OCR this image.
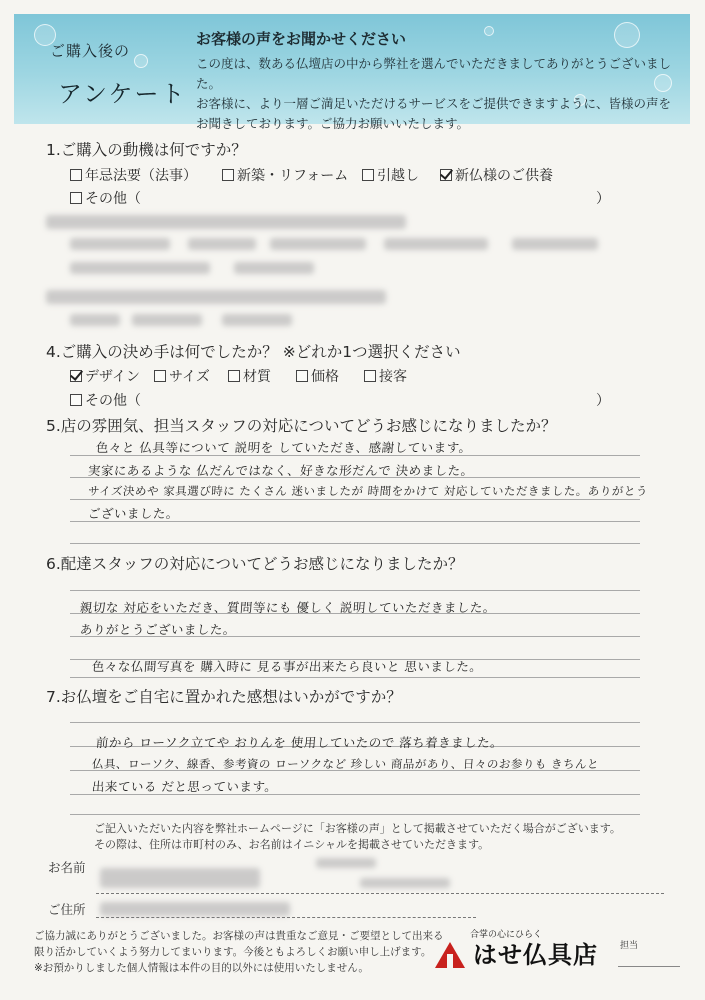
ご購入後の
アンケート
お客様の声をお聞かせください
この度は、数ある仏壇店の中から弊社を選んでいただきましてありがとうございました。
お客様に、より一層ご満足いただけるサービスをご提供できますように、皆様の声を
お聞きしております。ご協力お願いいたします。
1.ご購入の動機は何ですか？
年忌法要（法事）	新築・リフォーム 引越し	新仏様のご供養
その他（	）
4.ご購入の決め手は何でしたか？ ※どれか1つ選択ください
デザイン サイズ 材質	価格	接客
その他（	）
5.店の雰囲気、担当スタッフの対応についてどうお感じになりましたか？
色々と 仏具等について 説明を していただき、感謝しています。
実家にあるような 仏だんではなく、好きな形だんで 決めました。
サイズ決めや 家具選び時に たくさん 迷いましたが 時間をかけて 対応していただきました。ありがとう
ございました。
6.配達スタッフの対応についてどうお感じになりましたか？
親切な 対応をいただき、質問等にも 優しく 説明していただきました。
ありがとうございました。
色々な仏間写真を 購入時に 見る事が出来たら良いと 思いました。
7.お仏壇をご自宅に置かれた感想はいかがですか？
前から ローソク立てや おりんを 使用していたので 落ち着きました。
仏具、ローソク、線香、参考資の ローソクなど 珍しい 商品があり、日々のお参りも きちんと
出来ている だと思っています。
ご記入いただいた内容を弊社ホームページに「お客様の声」として掲載させていただく場合がございます。
その際は、住所は市町村のみ、お名前はイニシャルを掲載させていただきます。
お名前
ご住所
ご協力誠にありがとうございました。お客様の声は貴重なご意見・ご要望として出来る
限り活かしていくよう努力してまいります。今後ともよろしくお願い申し上げます。
※お預かりしました個人情報は本件の目的以外には使用いたしません。
合掌の心にひらく
はせ仏具店 担当
